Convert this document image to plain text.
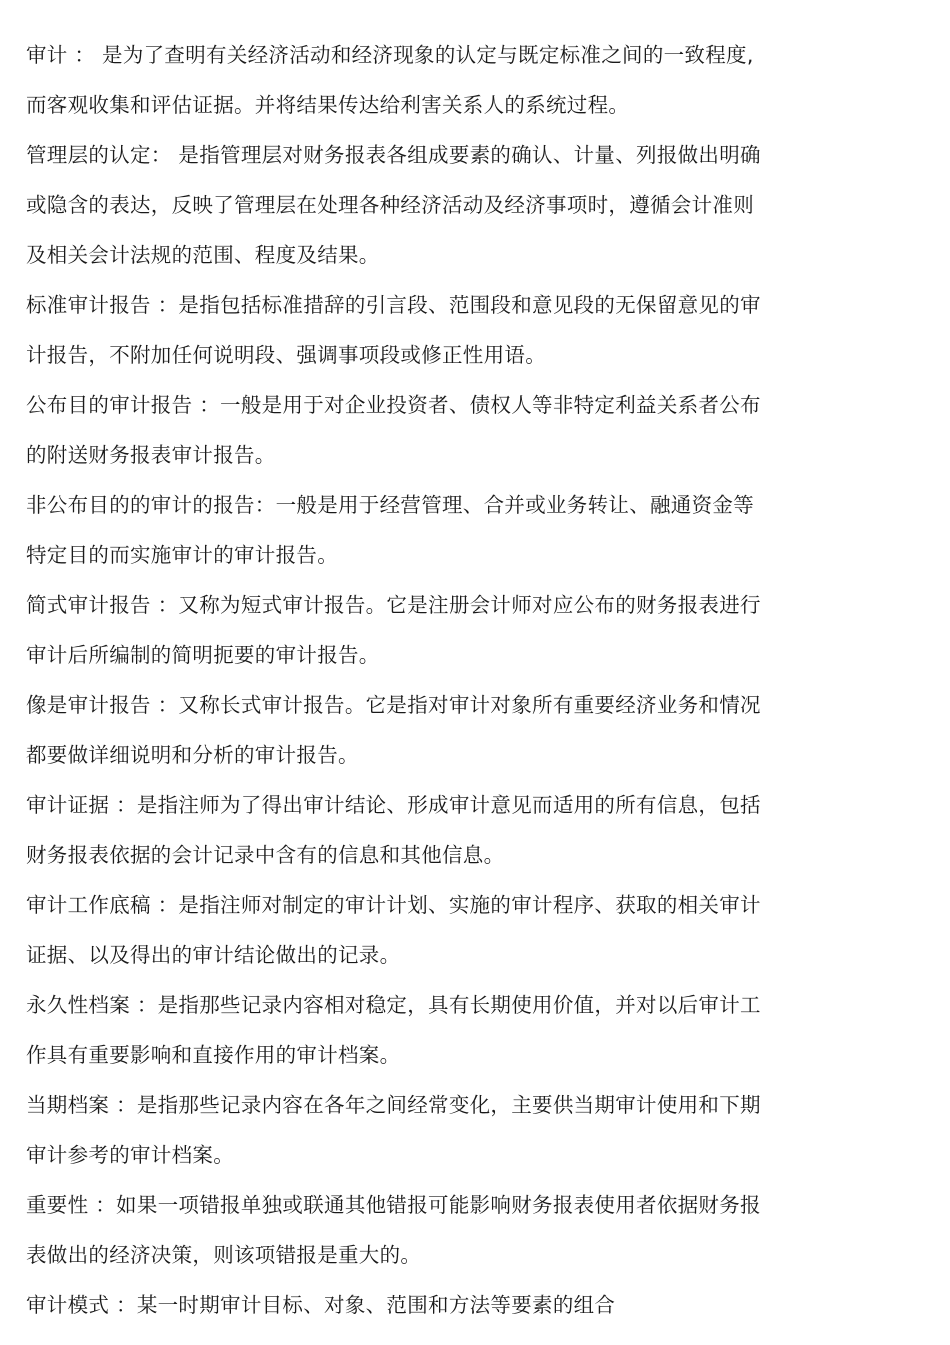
审计 ： 是为了查明有关经济活动和经济现象的认定与既定标准之间的一致程度,
而客观收集和评估证据。并将结果传达给利害关系人的系统过程。
管理层的认定： 是指管理层对财务报表各组成要素的确认、计量、列报做出明确
或隐含的表达，反映了管理层在处理各种经济活动及经济事项时，遵循会计准则
及相关会计法规的范围、程度及结果。
标准审计报告 ：是指包括标准措辞的引言段、范围段和意见段的无保留意见的审
计报告，不附加任何说明段、强调事项段或修正性用语。
公布目的审计报告 ：一般是用于对企业投资者、债权人等非特定利益关系者公布
的附送财务报表审计报告。
非公布目的的审计的报告：一般是用于经营管理、合并或业务转让、融通资金等
特定目的而实施审计的审计报告。
简式审计报告 ：又称为短式审计报告。它是注册会计师对应公布的财务报表进行
审计后所编制的简明扼要的审计报告。
像是审计报告 ：又称长式审计报告。它是指对审计对象所有重要经济业务和情况
都要做详细说明和分析的审计报告。
审计证据 ：是指注师为了得出审计结论、形成审计意见而适用的所有信息，包括
财务报表依据的会计记录中含有的信息和其他信息。
审计工作底稿 ：是指注师对制定的审计计划、实施的审计程序、获取的相关审计
证据、以及得出的审计结论做出的记录。
永久性档案 ：是指那些记录内容相对稳定，具有长期使用价值，并对以后审计工
作具有重要影响和直接作用的审计档案。
当期档案 ：是指那些记录内容在各年之间经常变化，主要供当期审计使用和下期
审计参考的审计档案。
重要性 ：如果一项错报单独或联通其他错报可能影响财务报表使用者依据财务报
表做出的经济决策，则该项错报是重大的。
审计模式 ：某一时期审计目标、对象、范围和方法等要素的组合
